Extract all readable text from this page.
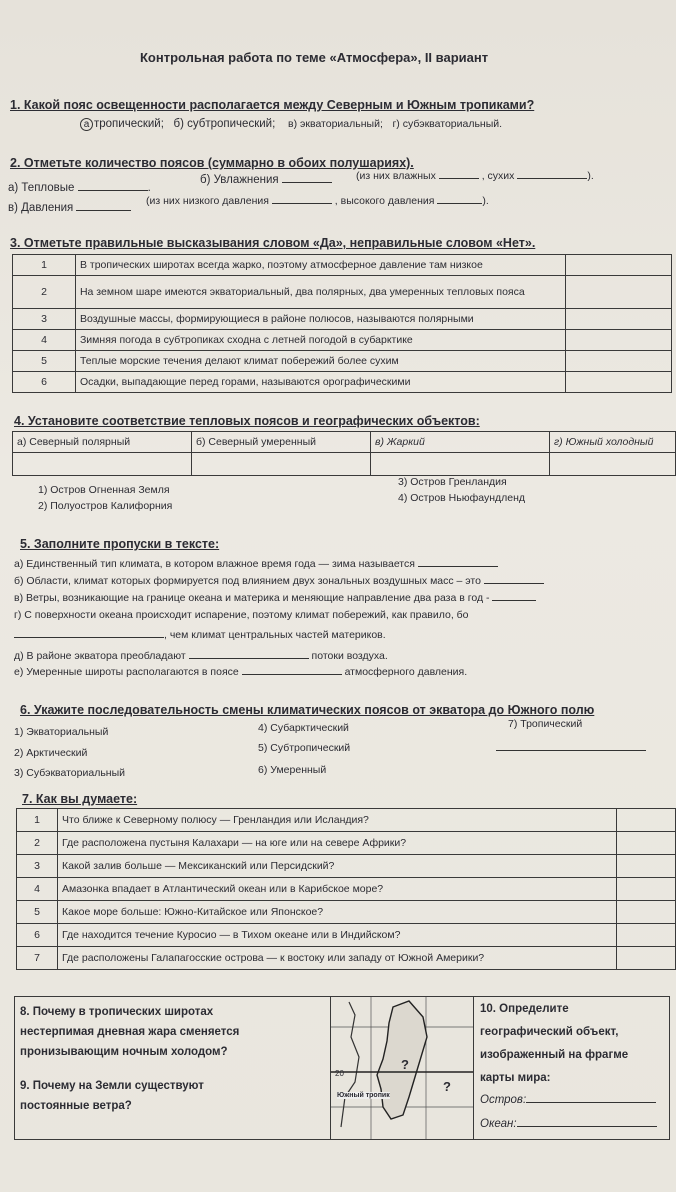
Контрольная работа по теме «Атмосфера», II вариант
1. Какой пояс освещенности располагается между Северным и Южным тропиками?
а тропический; б) субтропический; в) экваториальный; г) субэкваториальный.
2. Отметьте количество поясов (суммарно в обоих полушариях).
а) Тепловые	.
б) Увлажнения	(из них влажных	, сухих	).
в) Давления
(из них низкого давления	, высокого давления	).
3. Отметьте правильные высказывания словом «Да», неправильные словом «Нет».
1	В тропических широтах всегда жарко, поэтому атмосферное давление там низкое	
2	На земном шаре имеются экваториальный, два полярных, два умеренных тепловых пояса	
3	Воздушные массы, формирующиеся в районе полюсов, называются полярными	
4	Зимняя погода в субтропиках сходна с летней погодой в субарктике	
5	Теплые морские течения делают климат побережий более сухим	
6	Осадки, выпадающие перед горами, называются орографическими	
4. Установите соответствие тепловых поясов и географических объектов:
а) Северный полярный	б) Северный умеренный	в) Жаркий	г) Южный холодный

1) Остров Огненная Земля
2) Полуостров Калифорния
3) Остров Гренландия
4) Остров Ньюфаундленд
5. Заполните пропуски в тексте:
а) Единственный тип климата, в котором влажное время года — зима называется
б) Области, климат которых формируется под влиянием двух зональных воздушных масс – это
в) Ветры, возникающие на границе океана и материка и меняющие направление два раза в год -
г) С поверхности океана происходит испарение, поэтому климат побережий, как правило, бо
, чем климат центральных частей материков.
д) В районе экватора преобладают	потоки воздуха.
е) Умеренные широты располагаются в поясе	атмосферного давления.
6. Укажите последовательность смены климатических поясов от экватора до Южного полю
1) Экваториальный
2) Арктический
3) Субэкваториальный
4) Субарктический
5) Субтропический
6) Умеренный
7) Тропический
7. Как вы думаете:
1	Что ближе к Северному полюсу — Гренландия или Исландия?	
2	Где расположена пустыня Калахари — на юге или на севере Африки?	
3	Какой залив больше — Мексиканский или Персидский?	
4	Амазонка впадает в Атлантический океан или в Карибское море?	
5	Какое море больше: Южно-Китайское или Японское?	
6	Где находится течение Куросио — в Тихом океане или в Индийском?	
7	Где расположены Галапагосские острова — к востоку или западу от Южной Америки?	
8. Почему в тропических широтах
нестерпимая дневная жара сменяется
пронизывающим ночным холодом?
9. Почему на Земли существуют
постоянные ветра?
20
Южный тропик
?
?
10. Определите
географический объект,
изображенный на фрагме
карты мира:
Остров:
Океан:
